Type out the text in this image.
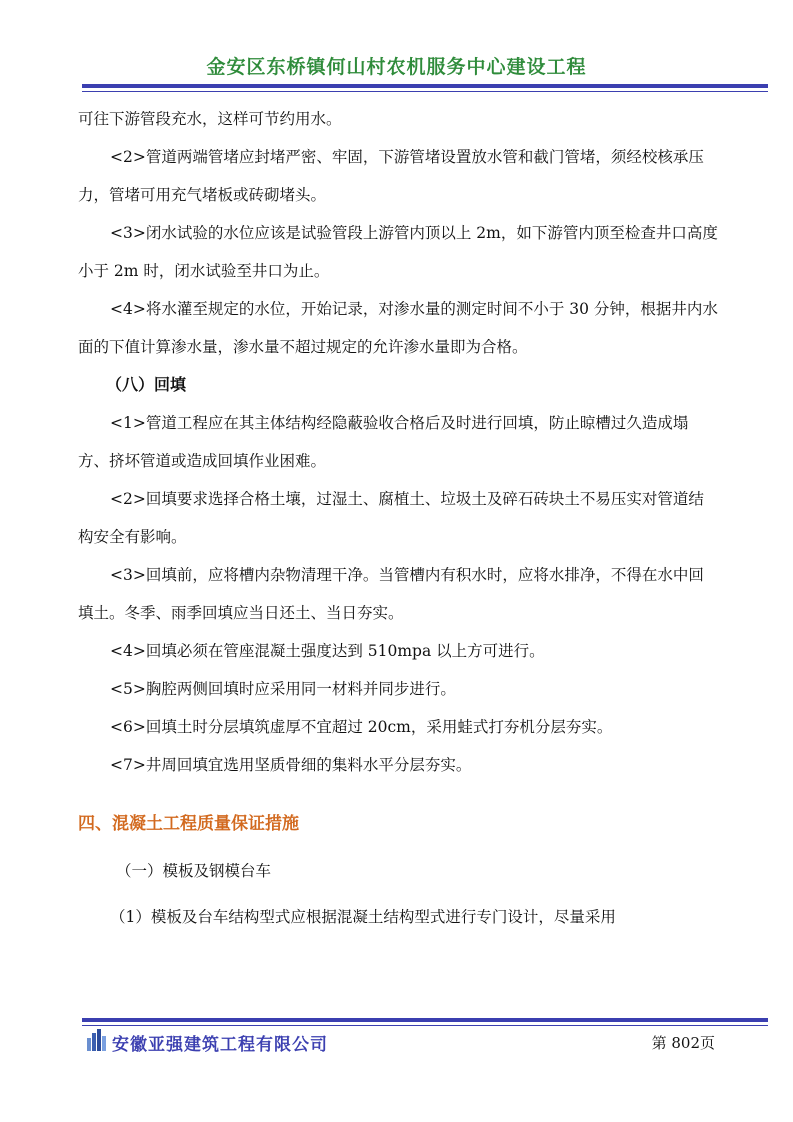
金安区东桥镇何山村农机服务中心建设工程

可往下游管段充水，这样可节约用水。

<2>管道两端管堵应封堵严密、牢固，下游管堵设置放水管和截门管堵，须经校核承压力，管堵可用充气堵板或砖砌堵头。

<3>闭水试验的水位应该是试验管段上游管内顶以上 2m，如下游管内顶至检查井口高度小于 2m 时，闭水试验至井口为止。

<4>将水灌至规定的水位，开始记录，对渗水量的测定时间不小于 30 分钟，根据井内水面的下值计算渗水量，渗水量不超过规定的允许渗水量即为合格。

（八）回填

<1>管道工程应在其主体结构经隐蔽验收合格后及时进行回填，防止晾槽过久造成塌方、挤坏管道或造成回填作业困难。

<2>回填要求选择合格土壤，过湿土、腐植土、垃圾土及碎石砖块土不易压实对管道结构安全有影响。

<3>回填前，应将槽内杂物清理干净。当管槽内有积水时，应将水排净，不得在水中回填土。冬季、雨季回填应当日还土、当日夯实。

<4>回填必须在管座混凝土强度达到 510mpa 以上方可进行。

<5>胸腔两侧回填时应采用同一材料并同步进行。

<6>回填土时分层填筑虚厚不宜超过 20cm，采用蛙式打夯机分层夯实。

<7>井周回填宜选用坚质骨细的集料水平分层夯实。

四、混凝土工程质量保证措施
（一）模板及钢模台车

（1）模板及台车结构型式应根据混凝土结构型式进行专门设计，尽量采用

安徽亚强建筑工程有限公司	第 802页
